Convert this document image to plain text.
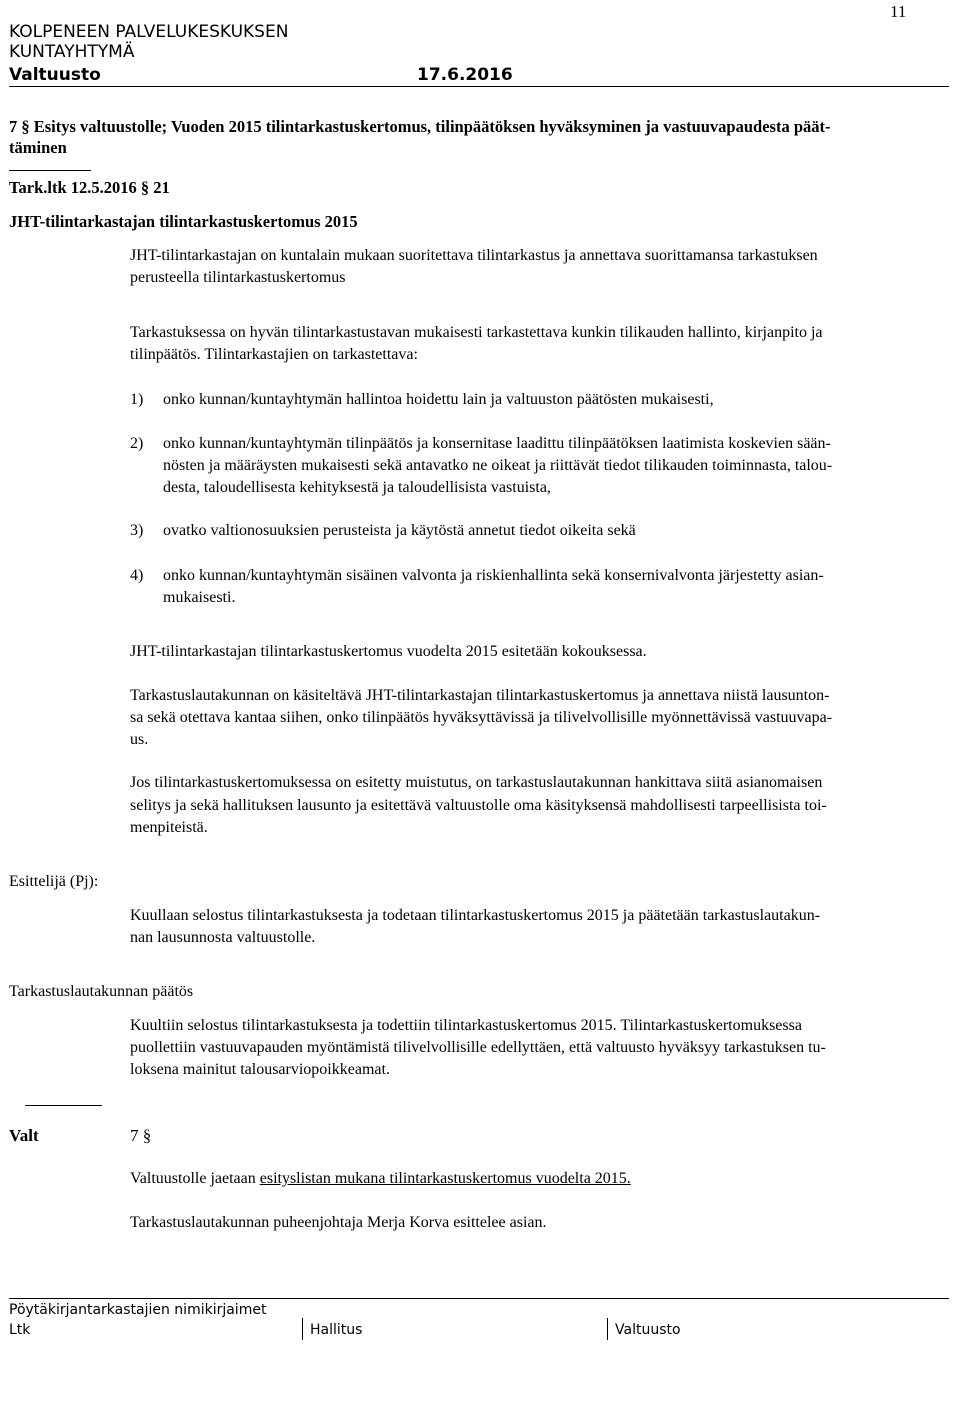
KOLPENEEN PALVELUKESKUKSEN
KUNTAYHTYMÄ
Valtuusto	17.6.2016
11
7 § Esitys valtuustolle; Vuoden 2015 tilintarkastuskertomus, tilinpäätöksen hyväksyminen ja vastuuvapaudesta päät-
täminen
Tark.ltk 12.5.2016 § 21
JHT-tilintarkastajan tilintarkastuskertomus 2015
JHT-tilintarkastajan on kuntalain mukaan suoritettava tilintarkastus ja annettava suorittamansa tarkastuksen
perusteella tilintarkastuskertomus
Tarkastuksessa on hyvän tilintarkastustavan mukaisesti tarkastettava kunkin tilikauden hallinto, kirjanpito ja
tilinpäätös. Tilintarkastajien on tarkastettava:
1) onko kunnan/kuntayhtymän hallintoa hoidettu lain ja valtuuston päätösten mukaisesti,
2) onko kunnan/kuntayhtymän tilinpäätös ja konsernitase laadittu tilinpäätöksen laatimista koskevien sään-
nösten ja määräysten mukaisesti sekä antavatko ne oikeat ja riittävät tiedot tilikauden toiminnasta, talou-
desta, taloudellisesta kehityksestä ja taloudellisista vastuista,
3) ovatko valtionosuuksien perusteista ja käytöstä annetut tiedot oikeita sekä
4) onko kunnan/kuntayhtymän sisäinen valvonta ja riskienhallinta sekä konsernivalvonta järjestetty asian-
mukaisesti.
JHT-tilintarkastajan tilintarkastuskertomus vuodelta 2015 esitetään kokouksessa.
Tarkastuslautakunnan on käsiteltävä JHT-tilintarkastajan tilintarkastuskertomus ja annettava niistä lausunton-
sa sekä otettava kantaa siihen, onko tilinpäätös hyväksyttävissä ja tilivelvollisille myönnettävissä vastuuvapa-
us.
Jos tilintarkastuskertomuksessa on esitetty muistutus, on tarkastuslautakunnan hankittava siitä asianomaisen
selitys ja sekä hallituksen lausunto ja esitettävä valtuustolle oma käsityksensä mahdollisesti tarpeellisista toi-
menpiteistä.
Esittelijä (Pj):
Kuullaan selostus tilintarkastuksesta ja todetaan tilintarkastuskertomus 2015 ja päätetään tarkastuslautakun-
nan lausunnosta valtuustolle.
Tarkastuslautakunnan päätös
Kuultiin selostus tilintarkastuksesta ja todettiin tilintarkastuskertomus 2015. Tilintarkastuskertomuksessa
puollettiin vastuuvapauden myöntämistä tilivelvollisille edellyttäen, että valtuusto hyväksyy tarkastuksen tu-
loksena mainitut talousarviopoikkeamat.
Valt	7 §
Valtuustolle jaetaan esityslistan mukana tilintarkastuskertomus vuodelta 2015.
Tarkastuslautakunnan puheenjohtaja Merja Korva esittelee asian.
Pöytäkirjantarkastajien nimikirjaimet
Ltk	Hallitus	Valtuusto
